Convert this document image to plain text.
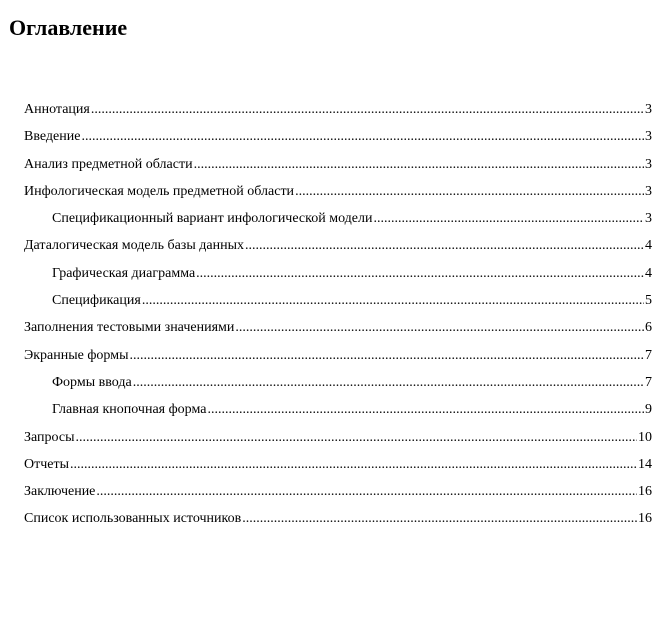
Оглавление
Аннотация .....	3
Введение .....	3
Анализ предметной области .....	3
Инфологическая модель предметной области .....	3
Спецификационный вариант инфологической модели .....	3
Даталогическая модель базы данных .....	4
Графическая диаграмма .....	4
Спецификация .....	5
Заполнения тестовыми значениями .....	6
Экранные формы .....	7
Формы ввода .....	7
Главная кнопочная форма .....	9
Запросы .....	10
Отчеты .....	14
Заключение .....	16
Список использованных источников .....	16
